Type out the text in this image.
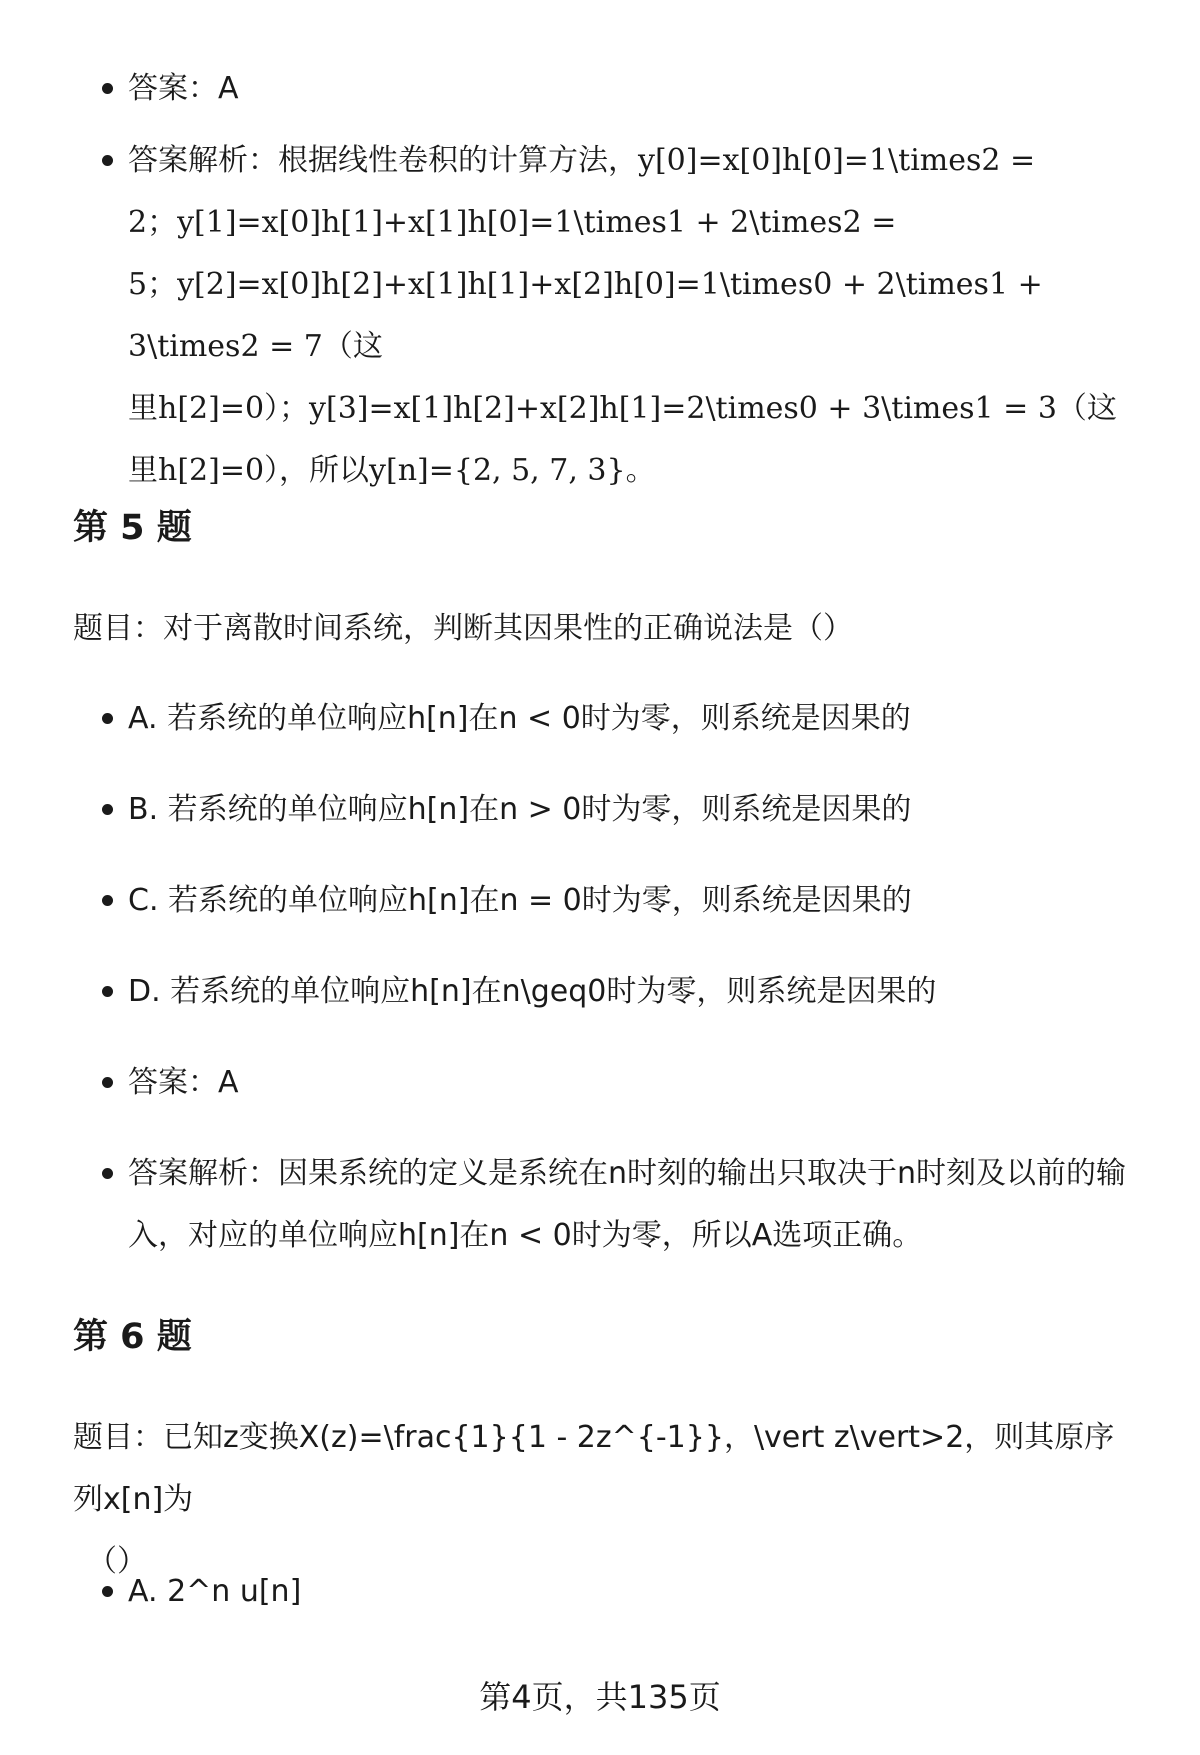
答案：A
答案解析：根据线性卷积的计算方法，y[0]=x[0]h[0]=1\times2 =
2；y[1]=x[0]h[1]+x[1]h[0]=1\times1 + 2\times2 =
5；y[2]=x[0]h[2]+x[1]h[1]+x[2]h[0]=1\times0 + 2\times1 + 3\times2 = 7（这
里h[2]=0）；y[3]=x[1]h[2]+x[2]h[1]=2\times0 + 3\times1 = 3（这
里h[2]=0），所以y[n]={2, 5, 7, 3}。
第 5 题

题目：对于离散时间系统，判断其因果性的正确说法是（）

A. 若系统的单位响应h[n]在n < 0时为零，则系统是因果的
B. 若系统的单位响应h[n]在n > 0时为零，则系统是因果的
C. 若系统的单位响应h[n]在n = 0时为零，则系统是因果的
D. 若系统的单位响应h[n]在n\geq0时为零，则系统是因果的
答案：A
答案解析：因果系统的定义是系统在n时刻的输出只取决于n时刻及以前的输
入，对应的单位响应h[n]在n < 0时为零，所以A选项正确。
第 6 题
题目：已知z变换X(z)=\frac{1}{1 - 2z^{-1}}，\vert z\vert>2，则其原序列x[n]为
（）
A. 2^n u[n]
第4页，共135页
